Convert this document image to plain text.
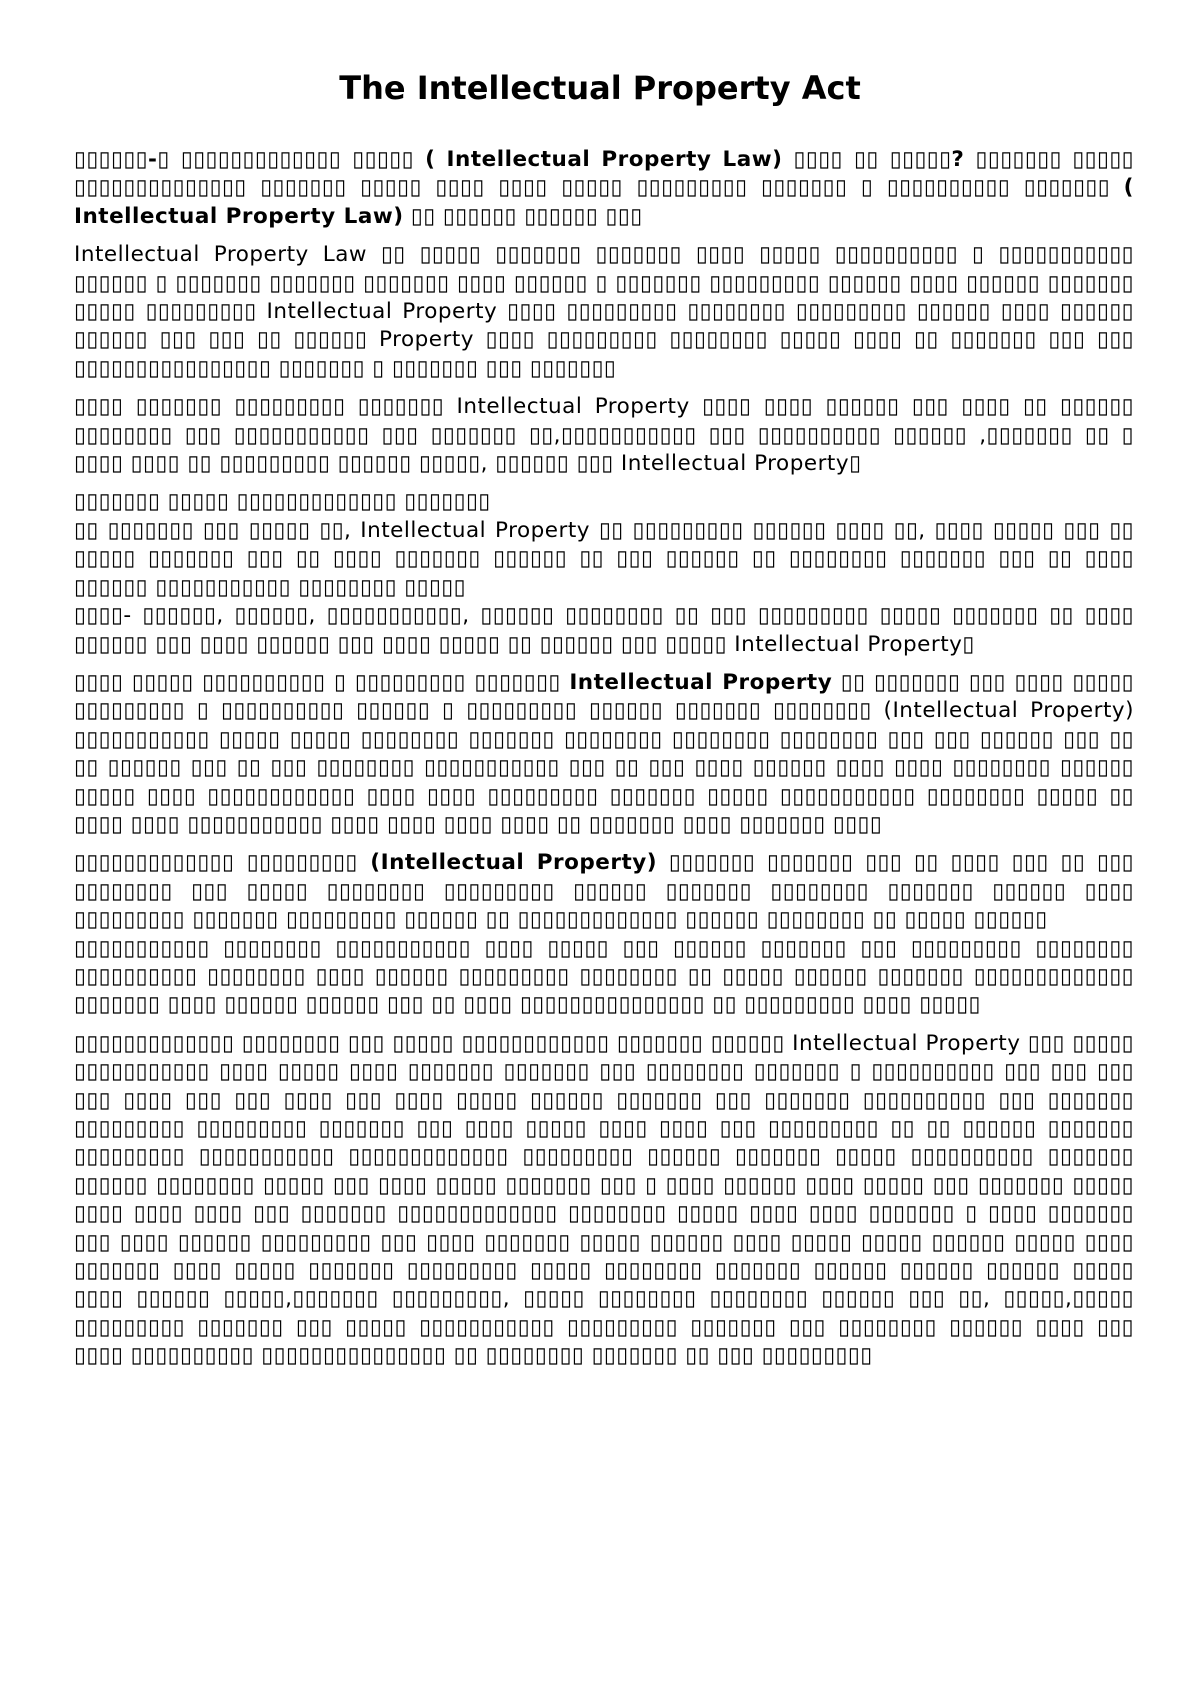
The Intellectual Property Act

▯▯▯▯▯▯-▯ ▯▯▯▯▯▯▯▯▯▯▯▯▯ ▯▯▯▯▯ ( Intellectual Property Law) ▯▯▯▯ ▯▯ ▯▯▯▯▯? ▯▯▯▯▯▯▯ ▯▯▯▯▯ ▯▯▯▯▯▯▯▯▯▯▯▯▯▯ ▯▯▯▯▯▯▯ ▯▯▯▯▯ ▯▯▯▯ ▯▯▯▯ ▯▯▯▯▯ ▯▯▯▯▯▯▯▯▯ ▯▯▯▯▯▯▯ ▯ ▯▯▯▯▯▯▯▯▯▯ ▯▯▯▯▯▯▯ ( Intellectual Property Law) ▯▯ ▯▯▯▯▯▯ ▯▯▯▯▯▯ ▯▯▯

Intellectual Property Law ▯▯ ▯▯▯▯▯ ▯▯▯▯▯▯▯ ▯▯▯▯▯▯▯ ▯▯▯▯ ▯▯▯▯▯ ▯▯▯▯▯▯▯▯▯▯ ▯ ▯▯▯▯▯▯▯▯▯▯▯ ▯▯▯▯▯▯ ▯ ▯▯▯▯▯▯▯ ▯▯▯▯▯▯▯ ▯▯▯▯▯▯▯ ▯▯▯▯ ▯▯▯▯▯▯ ▯ ▯▯▯▯▯▯▯ ▯▯▯▯▯▯▯▯▯ ▯▯▯▯▯▯ ▯▯▯▯ ▯▯▯▯▯▯ ▯▯▯▯▯▯▯ ▯▯▯▯▯ ▯▯▯▯▯▯▯▯▯ Intellectual Property ▯▯▯▯ ▯▯▯▯▯▯▯▯▯ ▯▯▯▯▯▯▯▯ ▯▯▯▯▯▯▯▯▯ ▯▯▯▯▯▯ ▯▯▯▯ ▯▯▯▯▯▯ ▯▯▯▯▯▯ ▯▯▯ ▯▯▯ ▯▯ ▯▯▯▯▯▯ Property ▯▯▯▯ ▯▯▯▯▯▯▯▯▯ ▯▯▯▯▯▯▯▯ ▯▯▯▯▯ ▯▯▯▯ ▯▯ ▯▯▯▯▯▯▯ ▯▯▯ ▯▯▯ ▯▯▯▯▯▯▯▯▯▯▯▯▯▯▯▯ ▯▯▯▯▯▯▯ ▯ ▯▯▯▯▯▯▯ ▯▯▯ ▯▯▯▯▯▯▯

▯▯▯▯ ▯▯▯▯▯▯▯ ▯▯▯▯▯▯▯▯▯ ▯▯▯▯▯▯▯ Intellectual Property ▯▯▯▯ ▯▯▯▯ ▯▯▯▯▯▯ ▯▯▯ ▯▯▯▯ ▯▯ ▯▯▯▯▯▯ ▯▯▯▯▯▯▯▯ ▯▯▯ ▯▯▯▯▯▯▯▯▯▯▯ ▯▯▯ ▯▯▯▯▯▯▯ ▯▯,▯▯▯▯▯▯▯▯▯▯▯ ▯▯▯ ▯▯▯▯▯▯▯▯▯▯ ▯▯▯▯▯▯ ,▯▯▯▯▯▯▯ ▯▯ ▯ ▯▯▯▯ ▯▯▯▯ ▯▯ ▯▯▯▯▯▯▯▯▯ ▯▯▯▯▯▯ ▯▯▯▯▯, ▯▯▯▯▯▯ ▯▯▯ Intellectual Property▯

▯▯▯▯▯▯▯ ▯▯▯▯▯ ▯▯▯▯▯▯▯▯▯▯▯▯▯ ▯▯▯▯▯▯▯

▯▯ ▯▯▯▯▯▯▯ ▯▯▯ ▯▯▯▯▯ ▯▯, Intellectual Property ▯▯ ▯▯▯▯▯▯▯▯▯ ▯▯▯▯▯▯ ▯▯▯▯ ▯▯, ▯▯▯▯ ▯▯▯▯▯ ▯▯▯ ▯▯ ▯▯▯▯▯ ▯▯▯▯▯▯▯ ▯▯▯ ▯▯ ▯▯▯▯ ▯▯▯▯▯▯▯ ▯▯▯▯▯▯ ▯▯ ▯▯▯ ▯▯▯▯▯▯ ▯▯ ▯▯▯▯▯▯▯▯ ▯▯▯▯▯▯▯ ▯▯▯ ▯▯ ▯▯▯▯ ▯▯▯▯▯▯ ▯▯▯▯▯▯▯▯▯▯▯ ▯▯▯▯▯▯▯▯ ▯▯▯▯▯

▯▯▯▯- ▯▯▯▯▯▯, ▯▯▯▯▯▯, ▯▯▯▯▯▯▯▯▯▯▯, ▯▯▯▯▯▯ ▯▯▯▯▯▯▯▯ ▯▯ ▯▯▯ ▯▯▯▯▯▯▯▯▯ ▯▯▯▯▯ ▯▯▯▯▯▯▯ ▯▯ ▯▯▯▯ ▯▯▯▯▯▯ ▯▯▯ ▯▯▯▯ ▯▯▯▯▯▯ ▯▯▯ ▯▯▯▯ ▯▯▯▯▯ ▯▯ ▯▯▯▯▯▯ ▯▯▯ ▯▯▯▯▯ Intellectual Property▯

▯▯▯▯ ▯▯▯▯▯ ▯▯▯▯▯▯▯▯▯▯ ▯ ▯▯▯▯▯▯▯▯▯ ▯▯▯▯▯▯▯ Intellectual Property ▯▯ ▯▯▯▯▯▯▯ ▯▯▯ ▯▯▯▯ ▯▯▯▯▯ ▯▯▯▯▯▯▯▯▯ ▯ ▯▯▯▯▯▯▯▯▯▯ ▯▯▯▯▯▯ ▯ ▯▯▯▯▯▯▯▯▯ ▯▯▯▯▯▯ ▯▯▯▯▯▯▯ ▯▯▯▯▯▯▯▯ (Intellectual Property) ▯▯▯▯▯▯▯▯▯▯▯ ▯▯▯▯▯ ▯▯▯▯▯ ▯▯▯▯▯▯▯▯ ▯▯▯▯▯▯▯ ▯▯▯▯▯▯▯▯ ▯▯▯▯▯▯▯▯ ▯▯▯▯▯▯▯▯ ▯▯▯ ▯▯▯ ▯▯▯▯▯▯ ▯▯▯ ▯▯ ▯▯ ▯▯▯▯▯▯ ▯▯▯ ▯▯ ▯▯▯ ▯▯▯▯▯▯▯▯ ▯▯▯▯▯▯▯▯▯▯▯ ▯▯▯ ▯▯ ▯▯▯ ▯▯▯▯ ▯▯▯▯▯▯ ▯▯▯▯ ▯▯▯▯ ▯▯▯▯▯▯▯▯ ▯▯▯▯▯▯ ▯▯▯▯▯ ▯▯▯▯ ▯▯▯▯▯▯▯▯▯▯▯▯ ▯▯▯▯ ▯▯▯▯ ▯▯▯▯▯▯▯▯▯ ▯▯▯▯▯▯▯ ▯▯▯▯▯ ▯▯▯▯▯▯▯▯▯▯▯ ▯▯▯▯▯▯▯▯ ▯▯▯▯▯ ▯▯ ▯▯▯▯ ▯▯▯▯ ▯▯▯▯▯▯▯▯▯▯▯ ▯▯▯▯ ▯▯▯▯ ▯▯▯▯ ▯▯▯▯ ▯▯ ▯▯▯▯▯▯▯ ▯▯▯▯ ▯▯▯▯▯▯▯ ▯▯▯▯

▯▯▯▯▯▯▯▯▯▯▯▯▯ ▯▯▯▯▯▯▯▯▯ (Intellectual Property) ▯▯▯▯▯▯▯ ▯▯▯▯▯▯▯ ▯▯▯ ▯▯ ▯▯▯▯ ▯▯▯ ▯▯ ▯▯▯ ▯▯▯▯▯▯▯▯ ▯▯▯ ▯▯▯▯▯ ▯▯▯▯▯▯▯▯ ▯▯▯▯▯▯▯▯▯ ▯▯▯▯▯▯ ▯▯▯▯▯▯▯ ▯▯▯▯▯▯▯▯ ▯▯▯▯▯▯▯ ▯▯▯▯▯▯ ▯▯▯▯ ▯▯▯▯▯▯▯▯▯ ▯▯▯▯▯▯▯ ▯▯▯▯▯▯▯▯▯ ▯▯▯▯▯▯ ▯▯ ▯▯▯▯▯▯▯▯▯▯▯▯▯ ▯▯▯▯▯▯ ▯▯▯▯▯▯▯▯ ▯▯ ▯▯▯▯▯ ▯▯▯▯▯▯

▯▯▯▯▯▯▯▯▯▯▯ ▯▯▯▯▯▯▯▯ ▯▯▯▯▯▯▯▯▯▯▯ ▯▯▯▯ ▯▯▯▯▯ ▯▯▯ ▯▯▯▯▯▯ ▯▯▯▯▯▯▯ ▯▯▯ ▯▯▯▯▯▯▯▯▯ ▯▯▯▯▯▯▯▯ ▯▯▯▯▯▯▯▯▯▯ ▯▯▯▯▯▯▯▯ ▯▯▯▯ ▯▯▯▯▯▯ ▯▯▯▯▯▯▯▯▯ ▯▯▯▯▯▯▯▯ ▯▯ ▯▯▯▯▯ ▯▯▯▯▯▯ ▯▯▯▯▯▯▯ ▯▯▯▯▯▯▯▯▯▯▯▯▯ ▯▯▯▯▯▯▯ ▯▯▯▯ ▯▯▯▯▯▯ ▯▯▯▯▯▯ ▯▯▯ ▯▯ ▯▯▯▯ ▯▯▯▯▯▯▯▯▯▯▯▯▯▯▯ ▯▯ ▯▯▯▯▯▯▯▯▯ ▯▯▯▯ ▯▯▯▯▯

▯▯▯▯▯▯▯▯▯▯▯▯▯ ▯▯▯▯▯▯▯▯ ▯▯▯ ▯▯▯▯▯ ▯▯▯▯▯▯▯▯▯▯▯▯ ▯▯▯▯▯▯▯ ▯▯▯▯▯▯ Intellectual Property ▯▯▯ ▯▯▯▯▯ ▯▯▯▯▯▯▯▯▯▯▯ ▯▯▯▯ ▯▯▯▯▯ ▯▯▯▯ ▯▯▯▯▯▯▯ ▯▯▯▯▯▯▯ ▯▯▯ ▯▯▯▯▯▯▯▯ ▯▯▯▯▯▯▯ ▯ ▯▯▯▯▯▯▯▯▯▯ ▯▯▯ ▯▯▯ ▯▯▯ ▯▯▯ ▯▯▯▯ ▯▯▯ ▯▯▯ ▯▯▯▯ ▯▯▯ ▯▯▯▯ ▯▯▯▯▯ ▯▯▯▯▯▯ ▯▯▯▯▯▯▯ ▯▯▯ ▯▯▯▯▯▯▯ ▯▯▯▯▯▯▯▯▯▯ ▯▯▯ ▯▯▯▯▯▯▯ ▯▯▯▯▯▯▯▯▯ ▯▯▯▯▯▯▯▯▯ ▯▯▯▯▯▯▯ ▯▯▯ ▯▯▯▯ ▯▯▯▯▯ ▯▯▯▯ ▯▯▯▯ ▯▯▯ ▯▯▯▯▯▯▯▯▯ ▯▯ ▯▯ ▯▯▯▯▯▯ ▯▯▯▯▯▯▯ ▯▯▯▯▯▯▯▯▯ ▯▯▯▯▯▯▯▯▯▯▯ ▯▯▯▯▯▯▯▯▯▯▯▯▯ ▯▯▯▯▯▯▯▯▯ ▯▯▯▯▯▯ ▯▯▯▯▯▯▯ ▯▯▯▯▯ ▯▯▯▯▯▯▯▯▯▯ ▯▯▯▯▯▯▯ ▯▯▯▯▯▯ ▯▯▯▯▯▯▯▯ ▯▯▯▯▯ ▯▯▯ ▯▯▯▯ ▯▯▯▯▯ ▯▯▯▯▯▯▯ ▯▯▯ ▯ ▯▯▯▯ ▯▯▯▯▯▯ ▯▯▯▯ ▯▯▯▯▯ ▯▯▯ ▯▯▯▯▯▯▯ ▯▯▯▯▯ ▯▯▯▯ ▯▯▯▯ ▯▯▯▯ ▯▯▯ ▯▯▯▯▯▯▯ ▯▯▯▯▯▯▯▯▯▯▯▯▯ ▯▯▯▯▯▯▯▯ ▯▯▯▯▯ ▯▯▯▯ ▯▯▯▯ ▯▯▯▯▯▯▯ ▯ ▯▯▯▯ ▯▯▯▯▯▯▯ ▯▯▯ ▯▯▯▯ ▯▯▯▯▯▯ ▯▯▯▯▯▯▯▯▯ ▯▯▯ ▯▯▯▯ ▯▯▯▯▯▯▯ ▯▯▯▯▯ ▯▯▯▯▯▯ ▯▯▯▯ ▯▯▯▯▯ ▯▯▯▯▯ ▯▯▯▯▯▯ ▯▯▯▯▯ ▯▯▯▯ ▯▯▯▯▯▯▯ ▯▯▯▯ ▯▯▯▯▯ ▯▯▯▯▯▯▯ ▯▯▯▯▯▯▯▯▯ ▯▯▯▯▯ ▯▯▯▯▯▯▯▯ ▯▯▯▯▯▯▯ ▯▯▯▯▯▯ ▯▯▯▯▯▯ ▯▯▯▯▯▯ ▯▯▯▯▯ ▯▯▯▯ ▯▯▯▯▯▯ ▯▯▯▯▯,▯▯▯▯▯▯▯ ▯▯▯▯▯▯▯▯▯, ▯▯▯▯▯ ▯▯▯▯▯▯▯▯ ▯▯▯▯▯▯▯▯ ▯▯▯▯▯▯ ▯▯▯ ▯▯, ▯▯▯▯▯,▯▯▯▯▯ ▯▯▯▯▯▯▯▯▯ ▯▯▯▯▯▯▯ ▯▯▯ ▯▯▯▯▯ ▯▯▯▯▯▯▯▯▯▯▯ ▯▯▯▯▯▯▯▯▯ ▯▯▯▯▯▯▯ ▯▯▯ ▯▯▯▯▯▯▯▯ ▯▯▯▯▯▯ ▯▯▯▯ ▯▯▯ ▯▯▯▯ ▯▯▯▯▯▯▯▯▯▯ ▯▯▯▯▯▯▯▯▯▯▯▯▯▯▯ ▯▯ ▯▯▯▯▯▯▯▯ ▯▯▯▯▯▯▯ ▯▯ ▯▯▯ ▯▯▯▯▯▯▯▯▯
